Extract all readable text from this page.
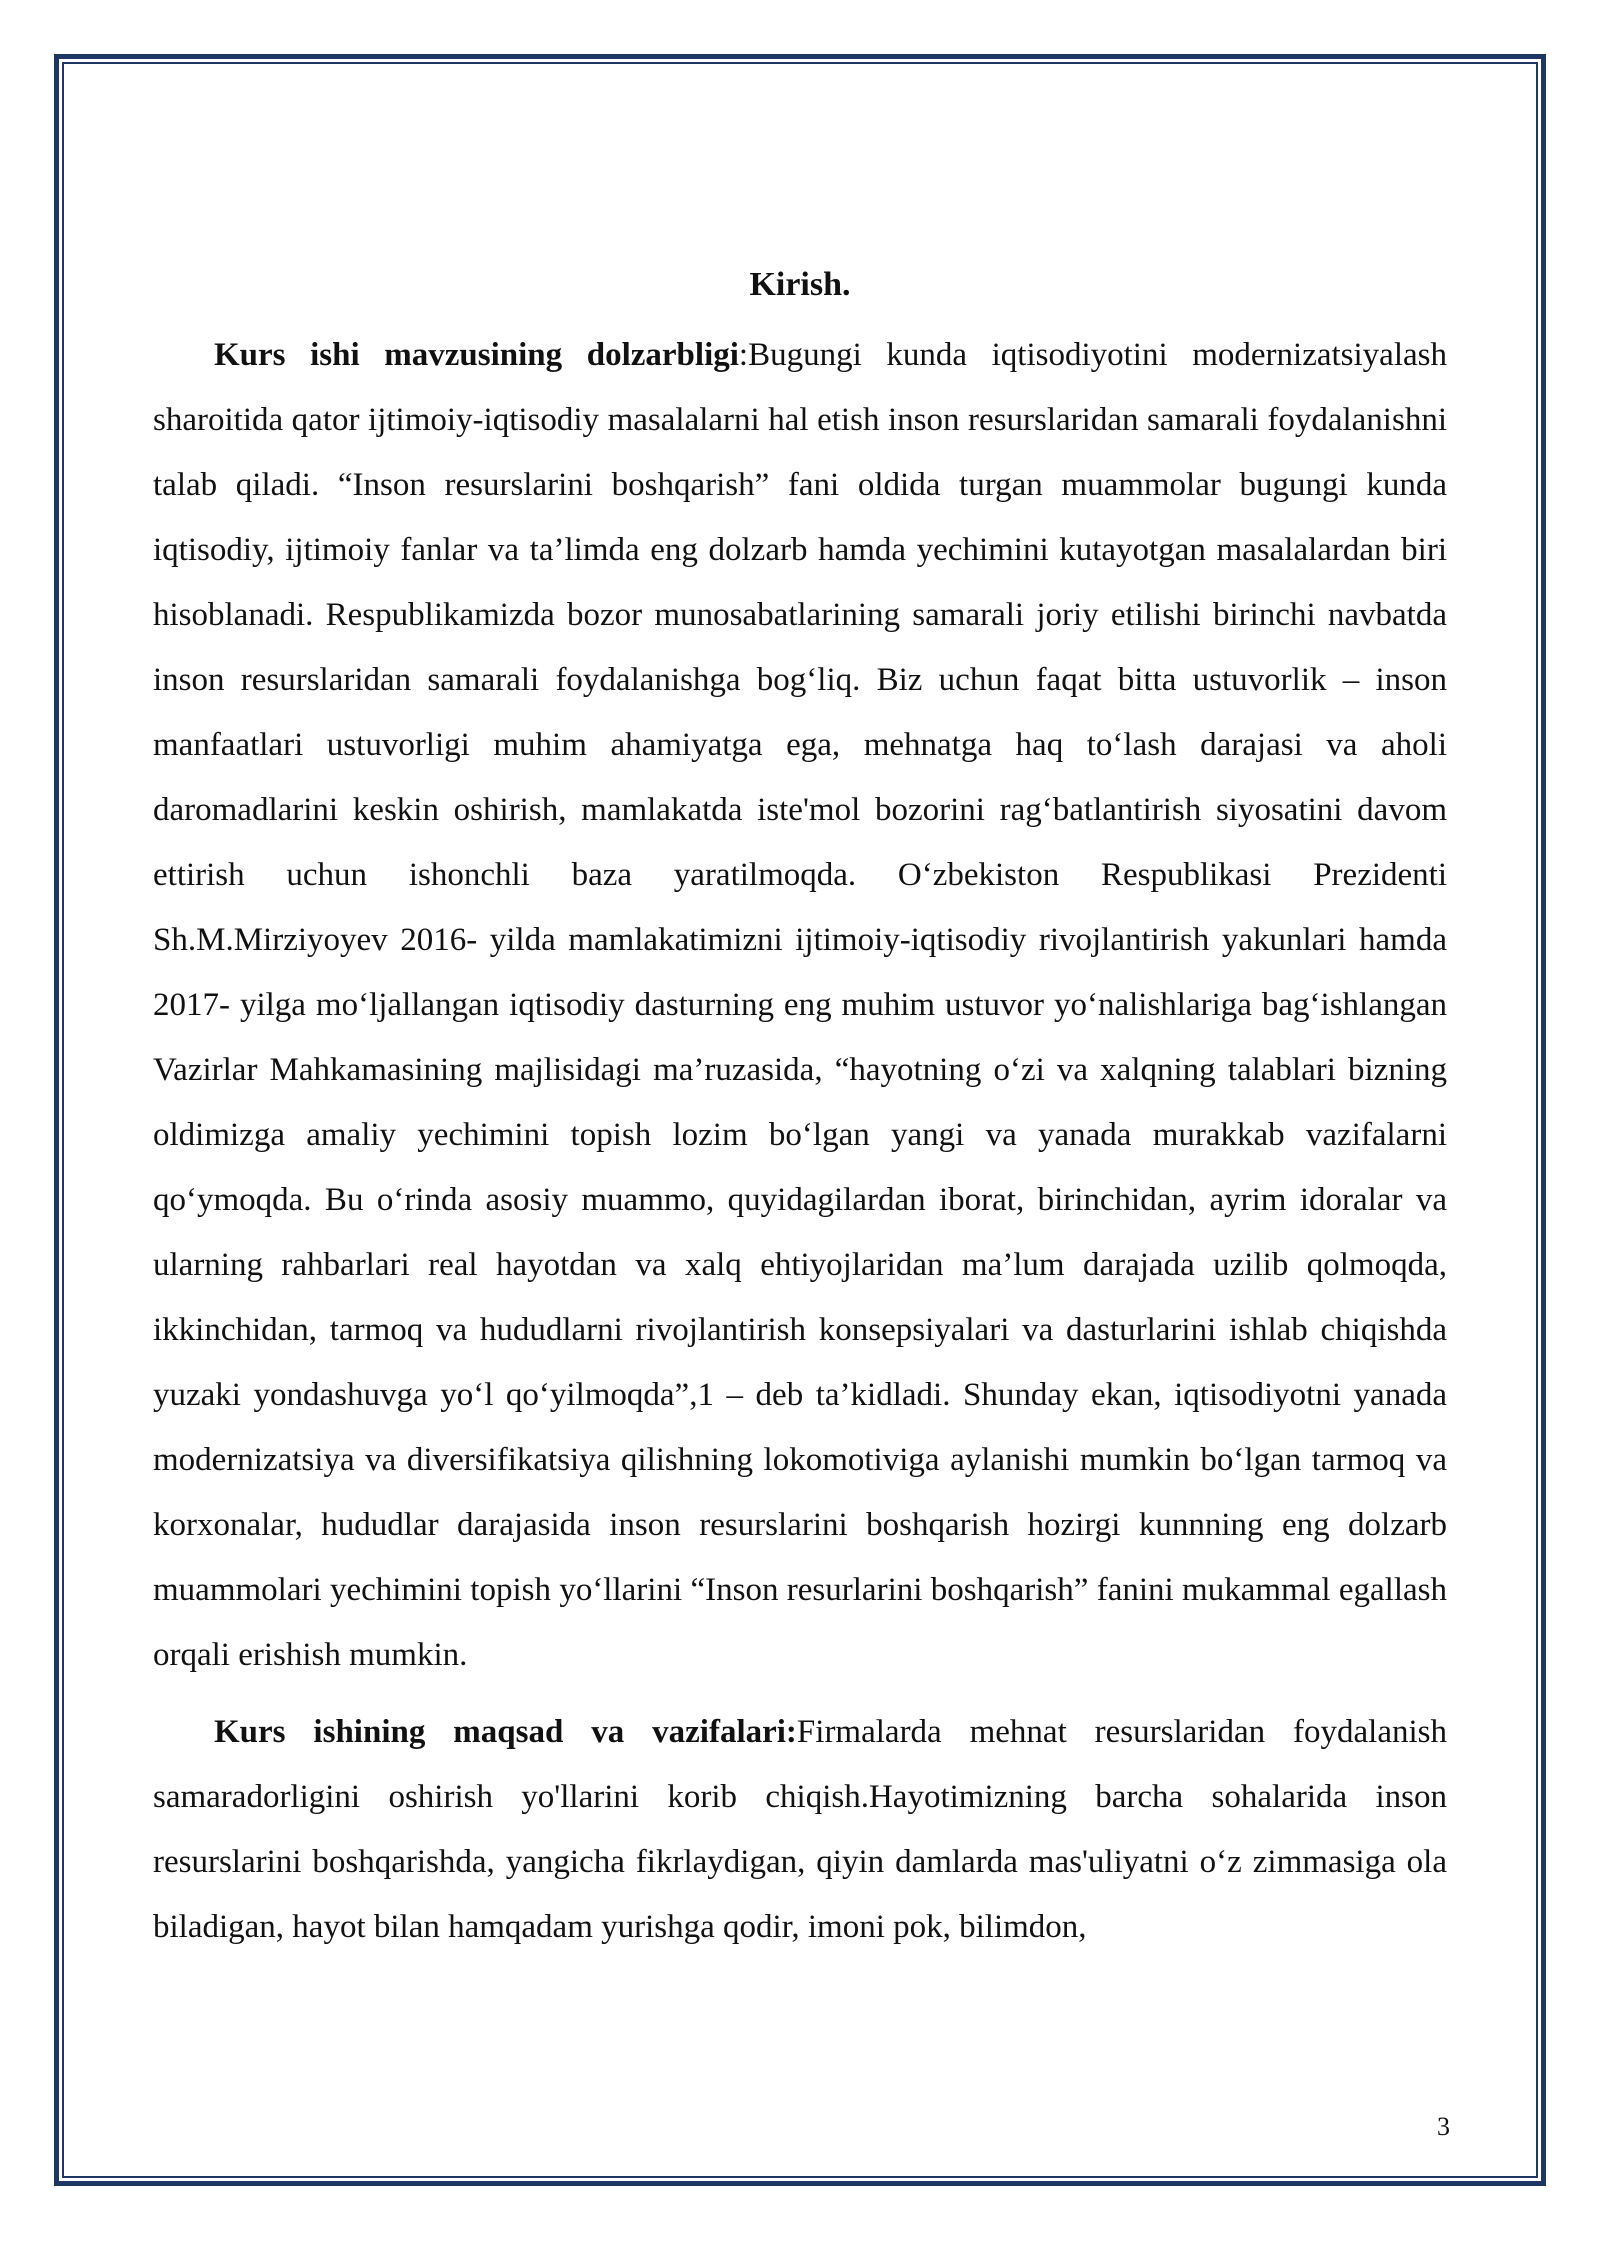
Kirish.

Kurs ishi mavzusining dolzarbligi:Bugungi kunda iqtisodiyotini modernizatsiyalash sharoitida qator ijtimoiy-iqtisodiy masalalarni hal etish inson resurslaridan samarali foydalanishni talab qiladi. “Inson resurslarini boshqarish” fani oldida turgan muammolar bugungi kunda iqtisodiy, ijtimoiy fanlar va ta’limda eng dolzarb hamda yechimini kutayotgan masalalardan biri hisoblanadi. Respublikamizda bozor munosabatlarining samarali joriy etilishi birinchi navbatda inson resurslaridan samarali foydalanishga bog‘liq. Biz uchun faqat bitta ustuvorlik – inson manfaatlari ustuvorligi muhim ahamiyatga ega, mehnatga haq to‘lash darajasi va aholi daromadlarini keskin oshirish, mamlakatda iste'mol bozorini rag‘batlantirish siyosatini davom ettirish uchun ishonchli baza yaratilmoqda. O‘zbekiston Respublikasi Prezidenti Sh.M.Mirziyoyev 2016- yilda mamlakatimizni ijtimoiy-iqtisodiy rivojlantirish yakunlari hamda 2017- yilga mo‘ljallangan iqtisodiy dasturning eng muhim ustuvor yo‘nalishlariga bag‘ishlangan Vazirlar Mahkamasining majlisidagi ma’ruzasida, “hayotning o‘zi va xalqning talablari bizning oldimizga amaliy yechimini topish lozim bo‘lgan yangi va yanada murakkab vazifalarni qo‘ymoqda. Bu o‘rinda asosiy muammo, quyidagilardan iborat, birinchidan, ayrim idoralar va ularning rahbarlari real hayotdan va xalq ehtiyojlaridan ma’lum darajada uzilib qolmoqda, ikkinchidan, tarmoq va hududlarni rivojlantirish konsepsiyalari va dasturlarini ishlab chiqishda yuzaki yondashuvga yo‘l qo‘yilmoqda”,1 – deb ta’kidladi. Shunday ekan, iqtisodiyotni yanada modernizatsiya va diversifikatsiya qilishning lokomotiviga aylanishi mumkin bo‘lgan tarmoq va korxonalar, hududlar darajasida inson resurslarini boshqarish hozirgi kunnning eng dolzarb muammolari yechimini topish yo‘llarini “Inson resurlarini boshqarish” fanini mukammal egallash orqali erishish mumkin.

Kurs ishining maqsad va vazifalari:Firmalarda mehnat resurslaridan foydalanish samaradorligini oshirish yo'llarini korib chiqish.Hayotimizning barcha sohalarida inson resurslarini boshqarishda, yangicha fikrlaydigan, qiyin damlarda mas'uliyatni o‘z zimmasiga ola biladigan, hayot bilan hamqadam yurishga qodir, imoni pok, bilimdon,

3
